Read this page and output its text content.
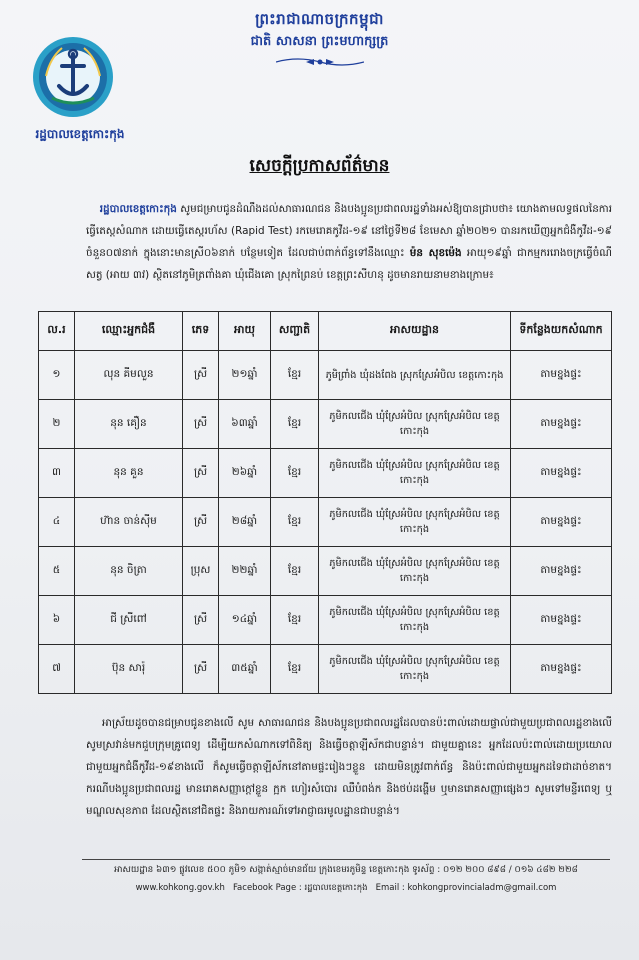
ព្រះរាជាណាចក្រកម្ពុជា
ជាតិ សាសនា ព្រះមហាក្សត្រ
រដ្ឋបាលខេត្តកោះកុង
សេចក្ដីប្រកាសព័ត៌មាន

រដ្ឋបាលខេត្តកោះកុង សូមជម្រាបជូនដំណឹងដល់សាធារណជន និងបងប្អូនប្រជាពលរដ្ឋទាំងអស់ឱ្យបានជ្រាបថា៖ យោងតាមលទ្ធផលនៃការធ្វើតេស្តសំណាក ដោយធ្វើតេស្តរហ័ស (Rapid Test) រកមេរោគកូវីដ-១៩ នៅថ្ងៃទី២៨ ខែមេសា ឆ្នាំ២០២១ បានរកឃើញអ្នកជំងឺកូវីដ-១៩ ចំនួន០៧នាក់ ក្នុងនោះមានស្រី០៦នាក់ បន្ថែមទៀត ដែលជាប់ពាក់ព័ន្ធទៅនឹងឈ្មោះ ម៉ន សុខម៉េង អាយុ១៩ឆ្នាំ ជាកម្មកររោងចក្រធ្វើចំណីសត្វ (អាយ ៣វ) ស្ថិតនៅភូមិត្រពាំងគា ឃុំជើងគោ ស្រុកព្រៃនប់ ខេត្តព្រះសីហនុ ដូចមានរាយនាមខាងក្រោម៖

ល.រ	ឈ្មោះអ្នកជំងឺ	ភេទ	អាយុ	សញ្ជាតិ	អាសយដ្ឋាន	ទីកន្លែងយកសំណាក
១	លុន គីមលួន	ស្រី	២១ឆ្នាំ	ខ្មែរ	ភូមិព្រាំង ឃុំដងពែង ស្រុកស្រែអំបិល ខេត្តកោះកុង	តាមខ្នងផ្ទះ
២	នុន គឿន	ស្រី	៦៣ឆ្នាំ	ខ្មែរ	ភូមិកលជើង ឃុំស្រែអំបិល ស្រុកស្រែអំបិល ខេត្តកោះកុង	តាមខ្នងផ្ទះ
៣	នុន គួន	ស្រី	២៦ឆ្នាំ	ខ្មែរ	ភូមិកលជើង ឃុំស្រែអំបិល ស្រុកស្រែអំបិល ខេត្តកោះកុង	តាមខ្នងផ្ទះ
៤	ហ៊ាន ចាន់ស៊ីម	ស្រី	២៨ឆ្នាំ	ខ្មែរ	ភូមិកលជើង ឃុំស្រែអំបិល ស្រុកស្រែអំបិល ខេត្តកោះកុង	តាមខ្នងផ្ទះ
៥	នុន ចិត្រា	ប្រុស	២២ឆ្នាំ	ខ្មែរ	ភូមិកលជើង ឃុំស្រែអំបិល ស្រុកស្រែអំបិល ខេត្តកោះកុង	តាមខ្នងផ្ទះ
៦	ជី ស្រីពៅ	ស្រី	១៤ឆ្នាំ	ខ្មែរ	ភូមិកលជើង ឃុំស្រែអំបិល ស្រុកស្រែអំបិល ខេត្តកោះកុង	តាមខ្នងផ្ទះ
៧	ប៊ុន សារ៉ុ	ស្រី	៣៥ឆ្នាំ	ខ្មែរ	ភូមិកលជើង ឃុំស្រែអំបិល ស្រុកស្រែអំបិល ខេត្តកោះកុង	តាមខ្នងផ្ទះ

អាស្រ័យដូចបានជម្រាបជូនខាងលើ សូម សាធារណជន និងបងប្អូនប្រជាពលរដ្ឋដែលបានប៉ះពាល់ដោយផ្ទាល់ជាមួយប្រជាពលរដ្ឋខាងលើ សូមស្រវាន់មកជួបក្រុមគ្រូពេទ្យ ដើម្បីយកសំណាកទៅពិនិត្យ និងធ្វើចត្តាឡីស័កជាបន្ទាន់។ ជាមួយគ្នានេះ អ្នកដែលប៉ះពាល់ដោយប្រយោលជាមួយអ្នកជំងឺកូវីដ-១៩ខាងលើ ក៏សូមធ្វើចត្តាឡីស័កនៅតាមផ្ទះរៀងៗខ្លួន ដោយមិនត្រូវពាក់ព័ន្ធ និងប៉ះពាល់ជាមួយអ្នកដទៃជាដាច់ខាត។ ករណីបងប្អូនប្រជាពលរដ្ឋ មានរោគសញ្ញាក្ដៅខ្លួន ក្អក ហៀរសំបោរ ឈឺបំពង់ក និងថប់ដង្ហើម ឬមានរោគសញ្ញាផ្សេងៗ សូមទៅមន្ទីរពេទ្យ ឬមណ្ឌលសុខភាព ដែលស្ថិតនៅជិតផ្ទះ និងរាយការណ៍ទៅអាជ្ញាធរមូលដ្ឋានជាបន្ទាន់។

អាសយដ្ឋាន ៦៣១ ផ្លូវលេខ ៥០០ ភូមិ១ សង្កាត់ស្មាច់មានជ័យ ក្រុងខេមរភូមិន្ទ ខេត្តកោះកុង ទូរស័ព្ទ : ០១២ ២០០ ៨៩៨ / ០១៦ ៤៨២ ២២៨
www.kohkong.gov.kh Facebook Page : រដ្ឋបាលខេត្តកោះកុង Email : kohkongprovincialadm@gmail.com
